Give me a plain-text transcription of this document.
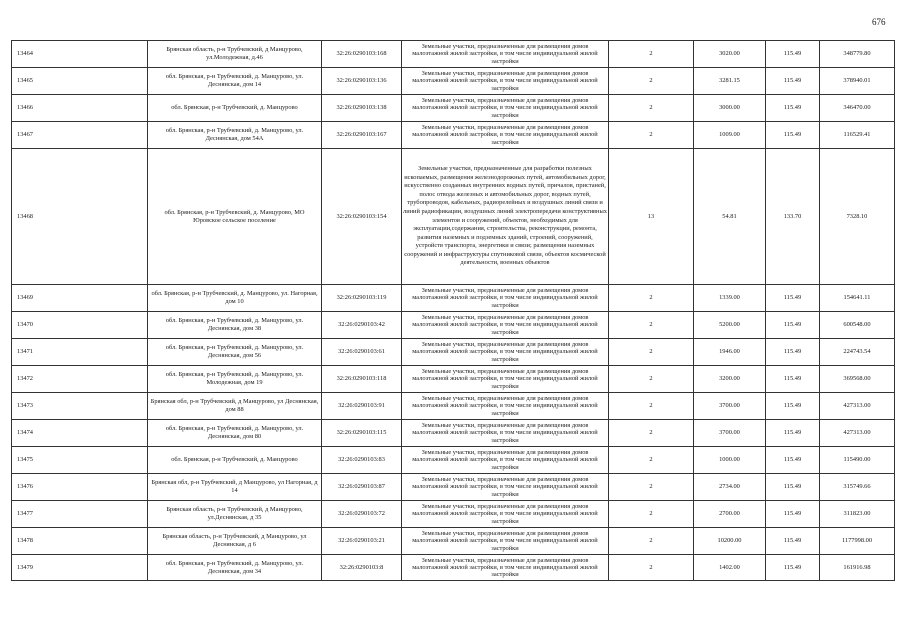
676
13464	Брянская область, р-н Трубчевский, д Манцурово, ул.Молодежная, д.46	32:26:0290103:168	Земельные участки, предназначенные для размещения домов малоэтажной жилой застройки, в том числе индивидуальной жилой застройки	2	3020.00	115.49	348779.80
13465	обл. Брянская, р-н Трубчевский, д. Манцурово, ул. Деснянская, дом 14	32:26:0290103:136	Земельные участки, предназначенные для размещения домов малоэтажной жилой застройки, в том числе индивидуальной жилой застройки	2	3281.15	115.49	378940.01
13466	обл. Брянская, р-н Трубчевский, д. Манцурово	32:26:0290103:138	Земельные участки, предназначенные для размещения домов малоэтажной жилой застройки, в том числе индивидуальной жилой застройки	2	3000.00	115.49	346470.00
13467	обл. Брянская, р-н Трубчевский, д. Манцурово, ул. Деснянская, дом 54А	32:26:0290103:167	Земельные участки, предназначенные для размещения домов малоэтажной жилой застройки, в том числе индивидуальной жилой застройки	2	1009.00	115.49	116529.41
13468	обл. Брянская, р-н Трубчевский, д. Манцурово, МО Юровское сельское поселение	32:26:0290103:154	Земельные участки, предназначенные для разработки полезных ископаемых, размещения железнодорожных путей, автомобильных дорог, искусственно созданных внутренних водных путей, причалов, пристаней, полос отвода железных и автомобильных дорог, водных путей, трубопроводов, кабельных, радиорелейных и воздушных линий связи и линий радиофикации, воздушных линий электропередачи конструктивных элементов и сооружений, объектов, необходимых для эксплуатации,содержания, строительства, реконструкции, ремонта, развития наземных и подземных зданий, строений, сооружений, устройств транспорта, энергетики и связи; размещения наземных сооружений и инфраструктуры спутниковой связи, объектов космической деятельности, военных объектов	13	54.81	133.70	7328.10
13469	обл. Брянская, р-н Трубчевский, д. Манцурово, ул. Нагорная, дом 10	32:26:0290103:119	Земельные участки, предназначенные для размещения домов малоэтажной жилой застройки, в том числе индивидуальной жилой застройки	2	1339.00	115.49	154641.11
13470	обл. Брянская, р-н Трубчевский, д. Манцурово, ул. Деснянская, дом 38	32:26:0290103:42	Земельные участки, предназначенные для размещения домов малоэтажной жилой застройки, в том числе индивидуальной жилой застройки	2	5200.00	115.49	600548.00
13471	обл. Брянская, р-н Трубчевский, д. Манцурово, ул. Деснянская, дом 56	32:26:0290103:61	Земельные участки, предназначенные для размещения домов малоэтажной жилой застройки, в том числе индивидуальной жилой застройки	2	1946.00	115.49	224743.54
13472	обл. Брянская, р-н Трубчевский, д. Манцурово, ул. Молодежная, дом 19	32:26:0290103:118	Земельные участки, предназначенные для размещения домов малоэтажной жилой застройки, в том числе индивидуальной жилой застройки	2	3200.00	115.49	369568.00
13473	Брянская обл, р-н Трубчевский, д Манцурово, ул Деснянская, дом 88	32:26:0290103:91	Земельные участки, предназначенные для размещения домов малоэтажной жилой застройки, в том числе индивидуальной жилой застройки	2	3700.00	115.49	427313.00
13474	обл. Брянская, р-н Трубчевский, д. Манцурово, ул. Деснянская, дом 80	32:26:0290103:115	Земельные участки, предназначенные для размещения домов малоэтажной жилой застройки, в том числе индивидуальной жилой застройки	2	3700.00	115.49	427313.00
13475	обл. Брянская, р-н Трубчевский, д. Манцурово	32:26:0290103:83	Земельные участки, предназначенные для размещения домов малоэтажной жилой застройки, в том числе индивидуальной жилой застройки	2	1000.00	115.49	115490.00
13476	Брянская обл, р-н Трубчевский, д Манцурово, ул Нагорная, д 14	32:26:0290103:87	Земельные участки, предназначенные для размещения домов малоэтажной жилой застройки, в том числе индивидуальной жилой застройки	2	2734.00	115.49	315749.66
13477	Брянская область, р-н Трубчевский, д Манцурово, ул.Деснянская, д 35	32:26:0290103:72	Земельные участки, предназначенные для размещения домов малоэтажной жилой застройки, в том числе индивидуальной жилой застройки	2	2700.00	115.49	311823.00
13478	Брянская область, р-н Трубчевский, д Манцурово, ул Деснянская, д 6	32:26:0290103:21	Земельные участки, предназначенные для размещения домов малоэтажной жилой застройки, в том числе индивидуальной жилой застройки	2	10200.00	115.49	1177998.00
13479	обл. Брянская, р-н Трубчевский, д. Манцурово, ул. Деснянская, дом 34	32:26:0290103:8	Земельные участки, предназначенные для размещения домов малоэтажной жилой застройки, в том числе индивидуальной жилой застройки	2	1402.00	115.49	161916.98
